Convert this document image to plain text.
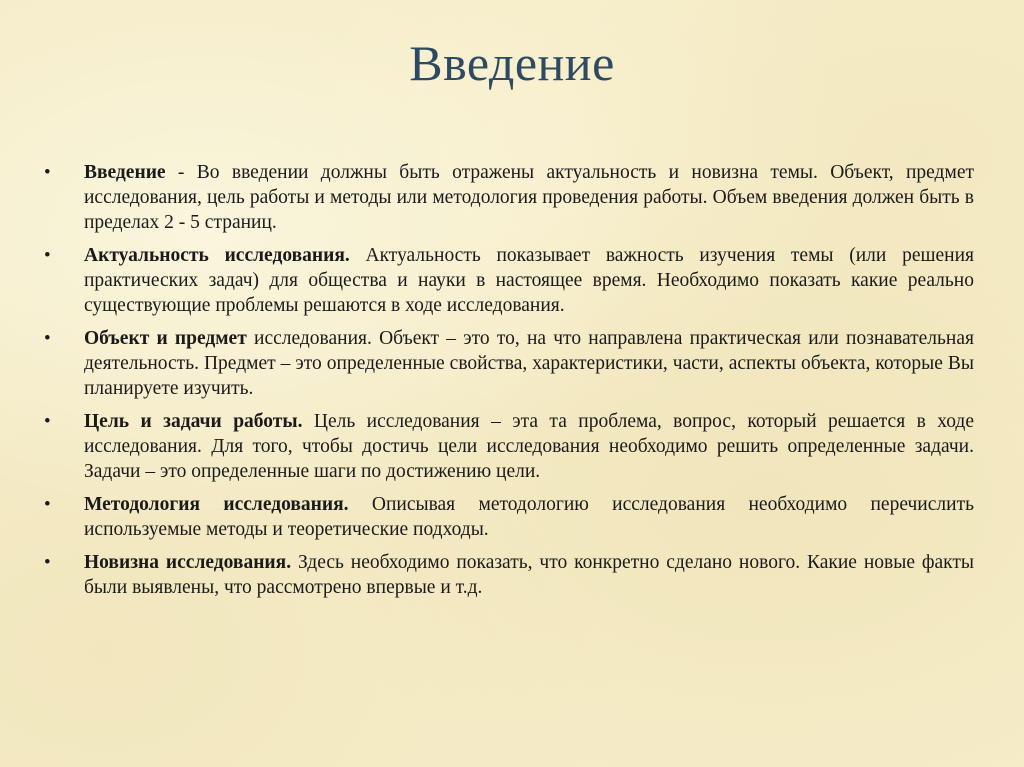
Введение
•	Введение - Во введении должны быть отражены актуальность и новизна темы. Объект, предмет исследования, цель работы и методы или методология проведения работы. Объем введения должен быть в пределах 2 - 5 страниц.
•	Актуальность исследования. Актуальность показывает важность изучения темы (или решения практических задач) для общества и науки в настоящее время. Необходимо показать какие реально существующие проблемы решаются в ходе исследования.
•	Объект и предмет исследования. Объект – это то, на что направлена практическая или познавательная деятельность. Предмет – это определенные свойства, характеристики, части, аспекты объекта, которые Вы планируете изучить.
•	Цель и задачи работы. Цель исследования – эта та проблема, вопрос, который решается в ходе исследования. Для того, чтобы достичь цели исследования необходимо решить определенные задачи. Задачи – это определенные шаги по достижению цели.
•	Методология исследования. Описывая методологию исследования необходимо перечислить используемые методы и теоретические подходы.
•	Новизна исследования. Здесь необходимо показать, что конкретно сделано нового. Какие новые факты были выявлены, что рассмотрено впервые и т.д.
